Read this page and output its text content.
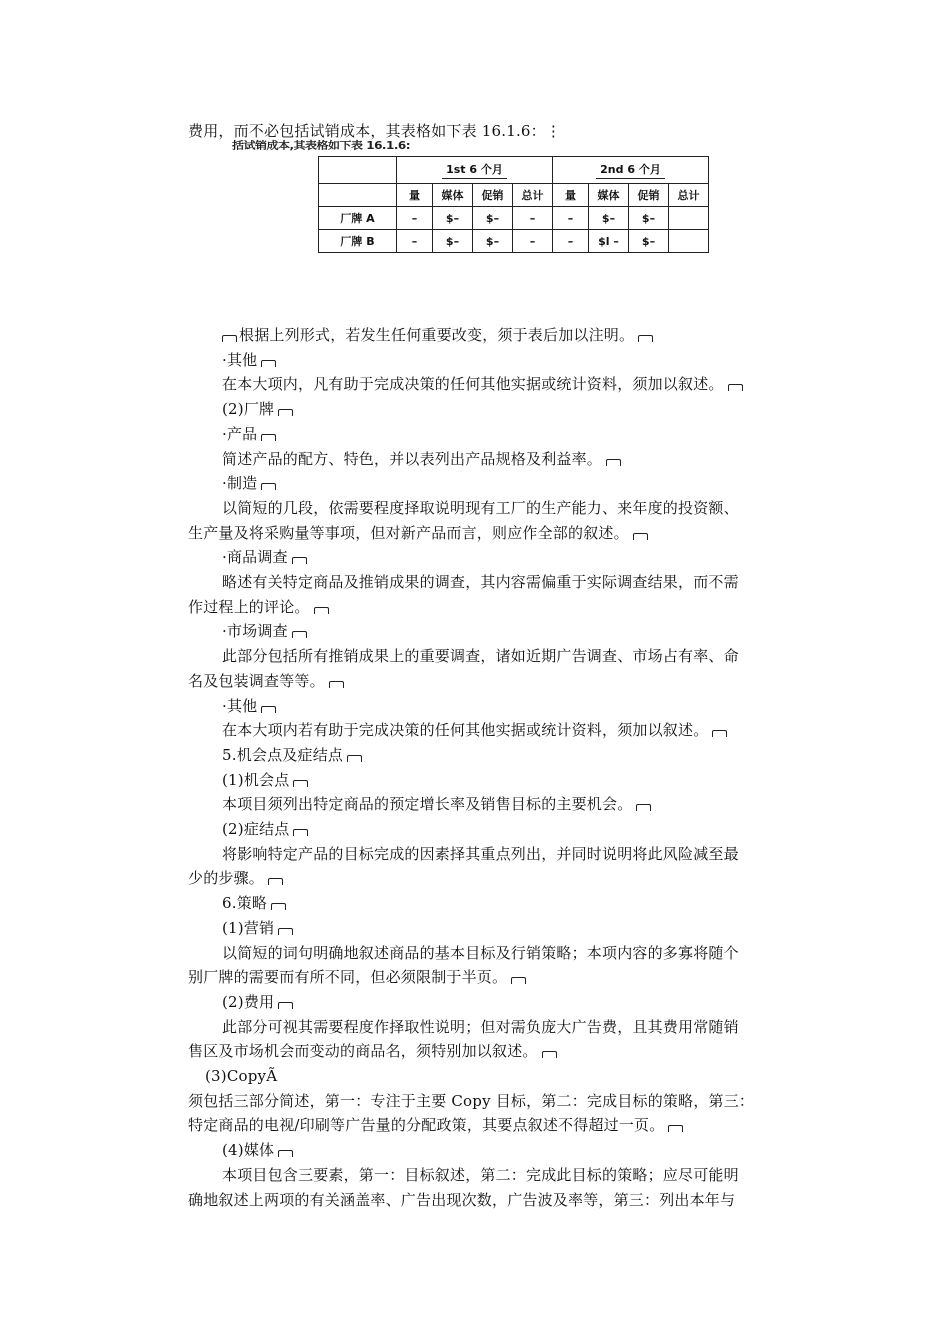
费用，而不必包括试销成本，其表格如下表 16.1.6：⋮
括试销成本,其表格如下表 16.1.6:
	1st 6 个月				2nd 6 个月			
	量	媒体	促销	总计	量	媒体	促销	总计
厂牌 A	–	$–	$–	–	–	$–	$–	
厂牌 B	–	$–	$–	–	–	$l –	$–	
根据上列形式，若发生任何重要改变，须于表后加以注明。
·其他
在本大项内，凡有助于完成决策的任何其他实据或统计资料，须加以叙述。
(2)厂牌
·产品
简述产品的配方、特色，并以表列出产品规格及利益率。
·制造
以简短的几段，依需要程度择取说明现有工厂的生产能力、来年度的投资额、
生产量及将采购量等事项，但对新产品而言，则应作全部的叙述。
·商品调查
略述有关特定商品及推销成果的调查，其内容需偏重于实际调查结果，而不需
作过程上的评论。
·市场调查
此部分包括所有推销成果上的重要调查，诸如近期广告调查、市场占有率、命
名及包装调查等等。
·其他
在本大项内若有助于完成决策的任何其他实据或统计资料，须加以叙述。
5.机会点及症结点
(1)机会点
本项目须列出特定商品的预定增长率及销售目标的主要机会。
(2)症结点
将影响特定产品的目标完成的因素择其重点列出，并同时说明将此风险减至最
少的步骤。
6.策略
(1)营销
以简短的词句明确地叙述商品的基本目标及行销策略；本项内容的多寡将随个
别厂牌的需要而有所不同，但必须限制于半页。
(2)费用
此部分可视其需要程度作择取性说明；但对需负庞大广告费，且其费用常随销
售区及市场机会而变动的商品名，须特别加以叙述。
(3)CopyÃ
须包括三部分简述，第一：专注于主要 Copy 目标，第二：完成目标的策略，第三：
特定商品的电视/印刷等广告量的分配政策，其要点叙述不得超过一页。
(4)媒体
本项目包含三要素，第一：目标叙述，第二：完成此目标的策略；应尽可能明
确地叙述上两项的有关涵盖率、广告出现次数，广告波及率等，第三：列出本年与
